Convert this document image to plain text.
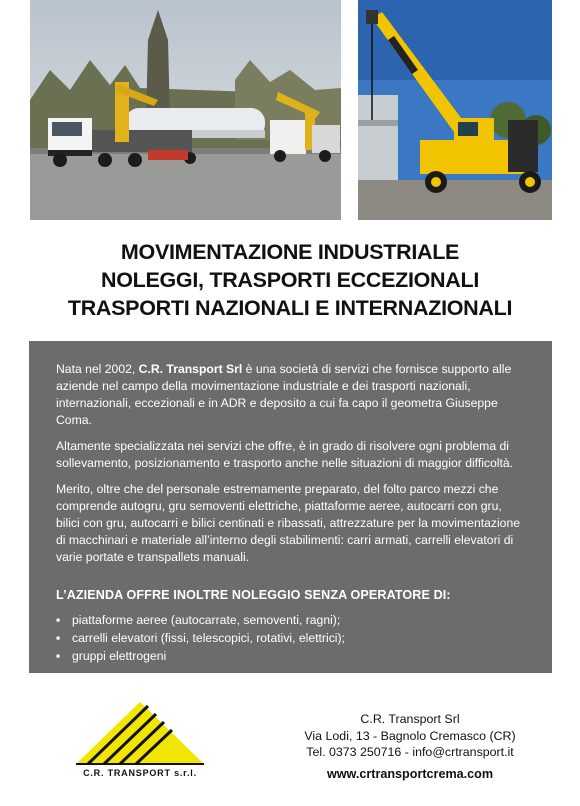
MOVIMENTAZIONE INDUSTRIALE
NOLEGGI, TRASPORTI ECCEZIONALI
TRASPORTI NAZIONALI E INTERNAZIONALI

Nata nel 2002, C.R. Transport Srl è una società di servizi che fornisce supporto alle aziende nel campo della movimentazione industriale e dei trasporti nazionali, internazionali, eccezionali e in ADR e deposito a cui fa capo il geometra Giuseppe Coma.

Altamente specializzata nei servizi che offre, è in grado di risolvere ogni problema di sollevamento, posizionamento e trasporto anche nelle situazioni di maggior difficoltà.

Merito, oltre che del personale estremamente preparato, del folto parco mezzi che comprende autogru, gru semoventi elettriche, piattaforme aeree, autocarri con gru, bilici con gru, autocarri e bilici centinati e ribassati, attrezzature per la movimentazione di macchinari e materiale all’interno degli stabilimenti: carri armati, carrelli elevatori di varie portate e transpallets manuali.

L’AZIENDA OFFRE INOLTRE NOLEGGIO SENZA OPERATORE DI:
▪ piattaforme aeree (autocarrate, semoventi, ragni);
▪ carrelli elevatori (fissi, telescopici, rotativi, elettrici);
▪ gruppi elettrogeni
C.R. TRANSPORT s.r.l.
C.R. Transport Srl
Via Lodi, 13 - Bagnolo Cremasco (CR)
Tel. 0373 250716 - info@crtransport.it
www.crtransportcrema.com
